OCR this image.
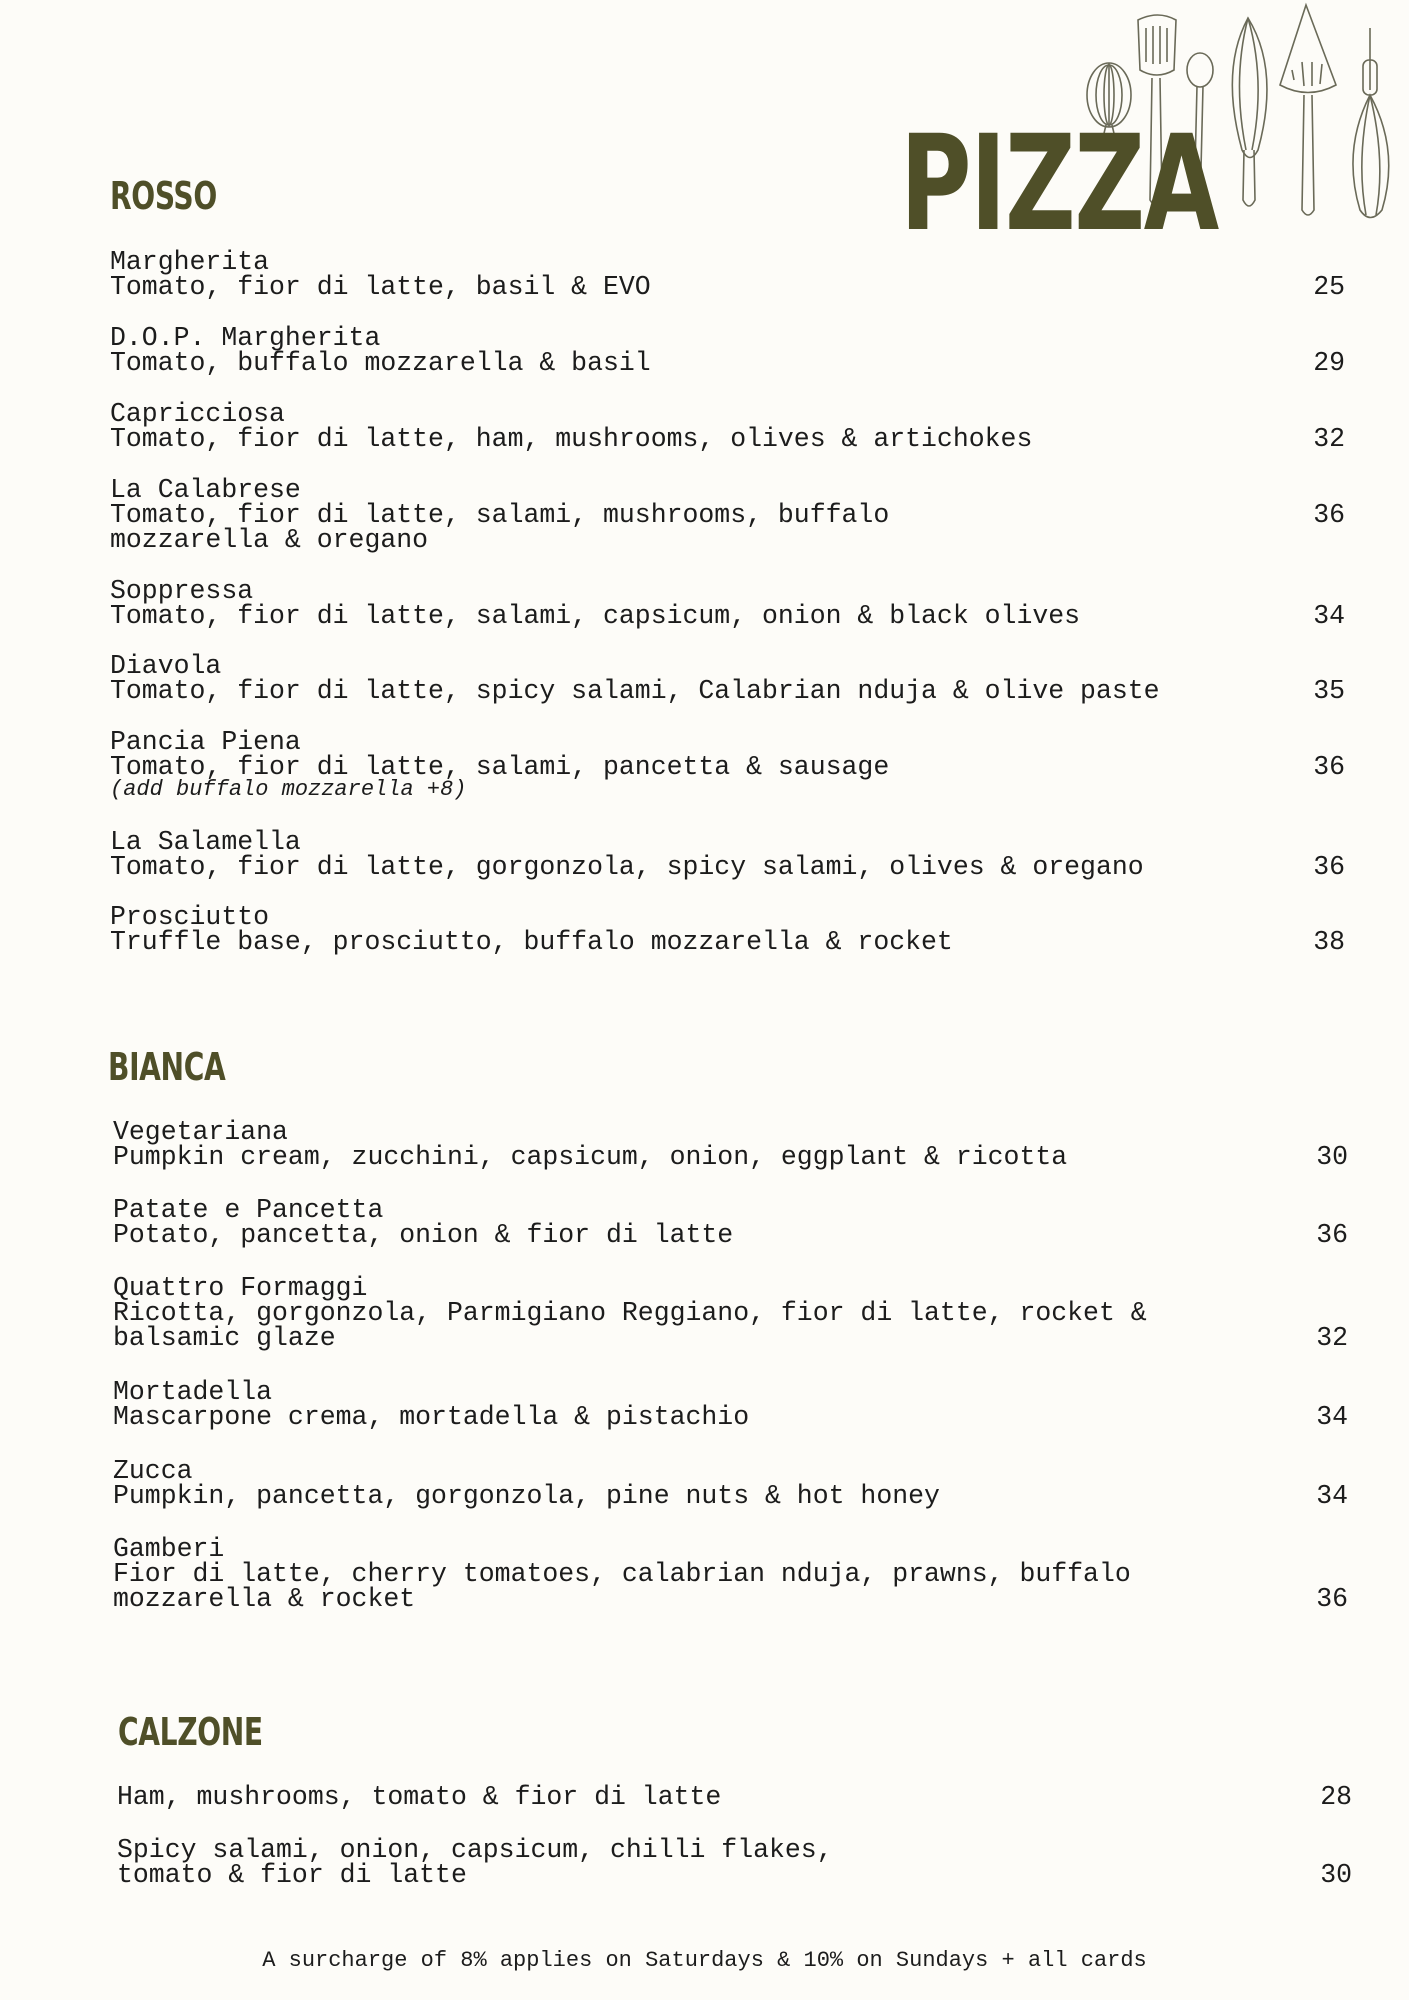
PIZZA
ROSSO
Margherita
Tomato, fior di latte, basil & EVO	25
D.O.P. Margherita
Tomato, buffalo mozzarella & basil	29
Capricciosa
Tomato, fior di latte, ham, mushrooms, olives & artichokes	32
La Calabrese
Tomato, fior di latte, salami, mushrooms, buffalo
mozzarella & oregano
36
Soppressa
Tomato, fior di latte, salami, capsicum, onion & black olives	34
Diavola
Tomato, fior di latte, spicy salami, Calabrian nduja & olive paste	35
Pancia Piena
Tomato, fior di latte, salami, pancetta & sausage
(add buffalo mozzarella +8)
36
La Salamella
Tomato, fior di latte, gorgonzola, spicy salami, olives & oregano	36
Prosciutto
Truffle base, prosciutto, buffalo mozzarella & rocket	38
BIANCA
Vegetariana
Pumpkin cream, zucchini, capsicum, onion, eggplant & ricotta	30
Patate e Pancetta
Potato, pancetta, onion & fior di latte	36
Quattro Formaggi
Ricotta, gorgonzola, Parmigiano Reggiano, fior di latte, rocket &
balsamic glaze	32
Mortadella
Mascarpone crema, mortadella & pistachio	34
Zucca
Pumpkin, pancetta, gorgonzola, pine nuts & hot honey	34
Gamberi
Fior di latte, cherry tomatoes, calabrian nduja, prawns, buffalo
mozzarella & rocket	36
CALZONE
Ham, mushrooms, tomato & fior di latte	28
Spicy salami, onion, capsicum, chilli flakes,
tomato & fior di latte	30
A surcharge of 8% applies on Saturdays & 10% on Sundays + all cards
